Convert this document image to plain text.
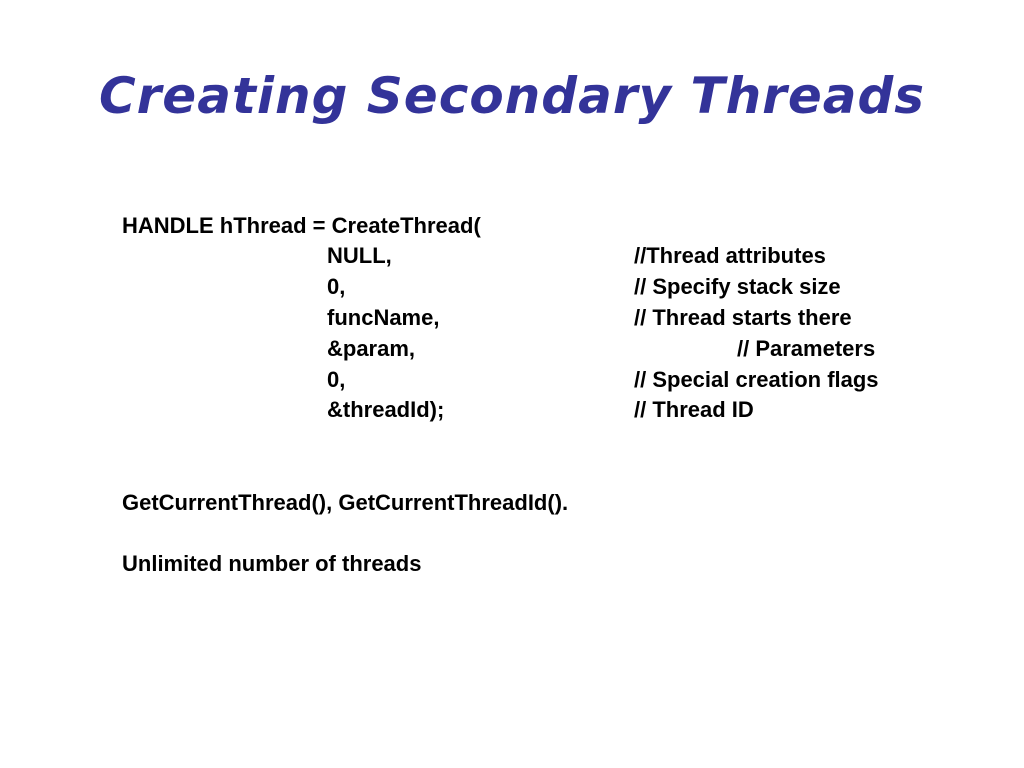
Creating Secondary Threads
HANDLE hThread = CreateThread(
NULL,	//Thread attributes
0,	// Specify stack size
funcName,	// Thread starts there
&param,	// Parameters
0,	// Special creation flags
&threadId);	// Thread ID
GetCurrentThread(), GetCurrentThreadId().
Unlimited number of threads
